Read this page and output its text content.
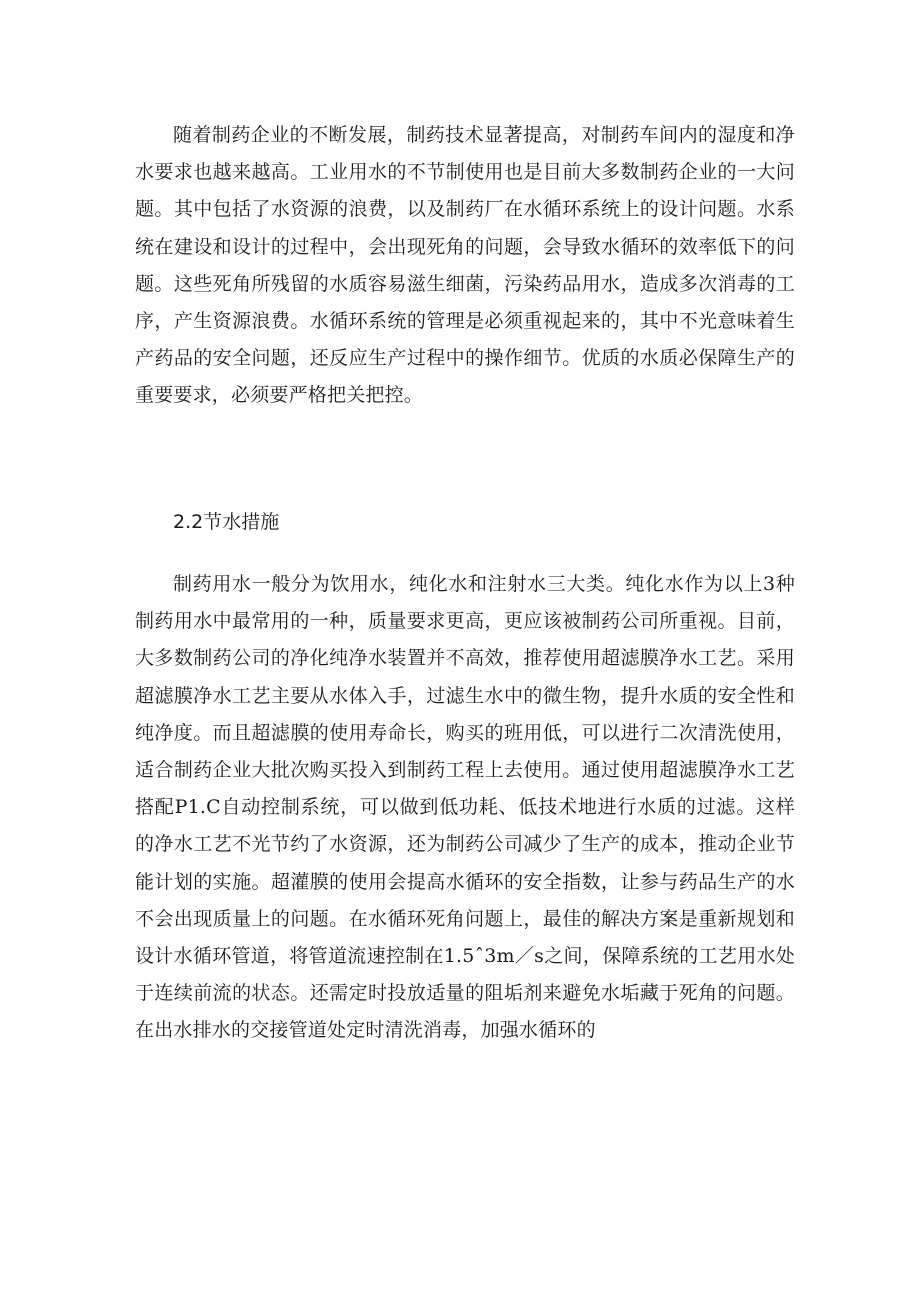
随着制药企业的不断发展，制药技术显著提高，对制药车间内的湿度和净水要求也越来越高。工业用水的不节制使用也是目前大多数制药企业的一大问题。其中包括了水资源的浪费，以及制药厂在水循环系统上的设计问题。水系统在建设和设计的过程中，会出现死角的问题，会导致水循环的效率低下的问题。这些死角所残留的水质容易滋生细菌，污染药品用水，造成多次消毒的工序，产生资源浪费。水循环系统的管理是必须重视起来的，其中不光意味着生产药品的安全问题，还反应生产过程中的操作细节。优质的水质必保障生产的重要要求，必须要严格把关把控。

2.2节水措施

制药用水一般分为饮用水，纯化水和注射水三大类。纯化水作为以上3种制药用水中最常用的一种，质量要求更高，更应该被制药公司所重视。目前，大多数制药公司的净化纯净水装置并不高效，推荐使用超滤膜净水工艺。采用超滤膜净水工艺主要从水体入手，过滤生水中的微生物，提升水质的安全性和纯净度。而且超滤膜的使用寿命长，购买的班用低，可以进行二次清洗使用，适合制药企业大批次购买投入到制药工程上去使用。通过使用超滤膜净水工艺搭配P1.C自动控制系统，可以做到低功耗、低技术地进行水质的过滤。这样的净水工艺不光节约了水资源，还为制药公司减少了生产的成本，推动企业节能计划的实施。超灌膜的使用会提高水循环的安全指数，让参与药品生产的水不会出现质量上的问题。在水循环死角问题上，最佳的解决方案是重新规划和设计水循环管道，将管道流速控制在1.5ˆ3m／s之间，保障系统的工艺用水处于连续前流的状态。还需定时投放适量的阻垢剂来避免水垢藏于死角的问题。在出水排水的交接管道处定时清洗消毒，加强水循环的
